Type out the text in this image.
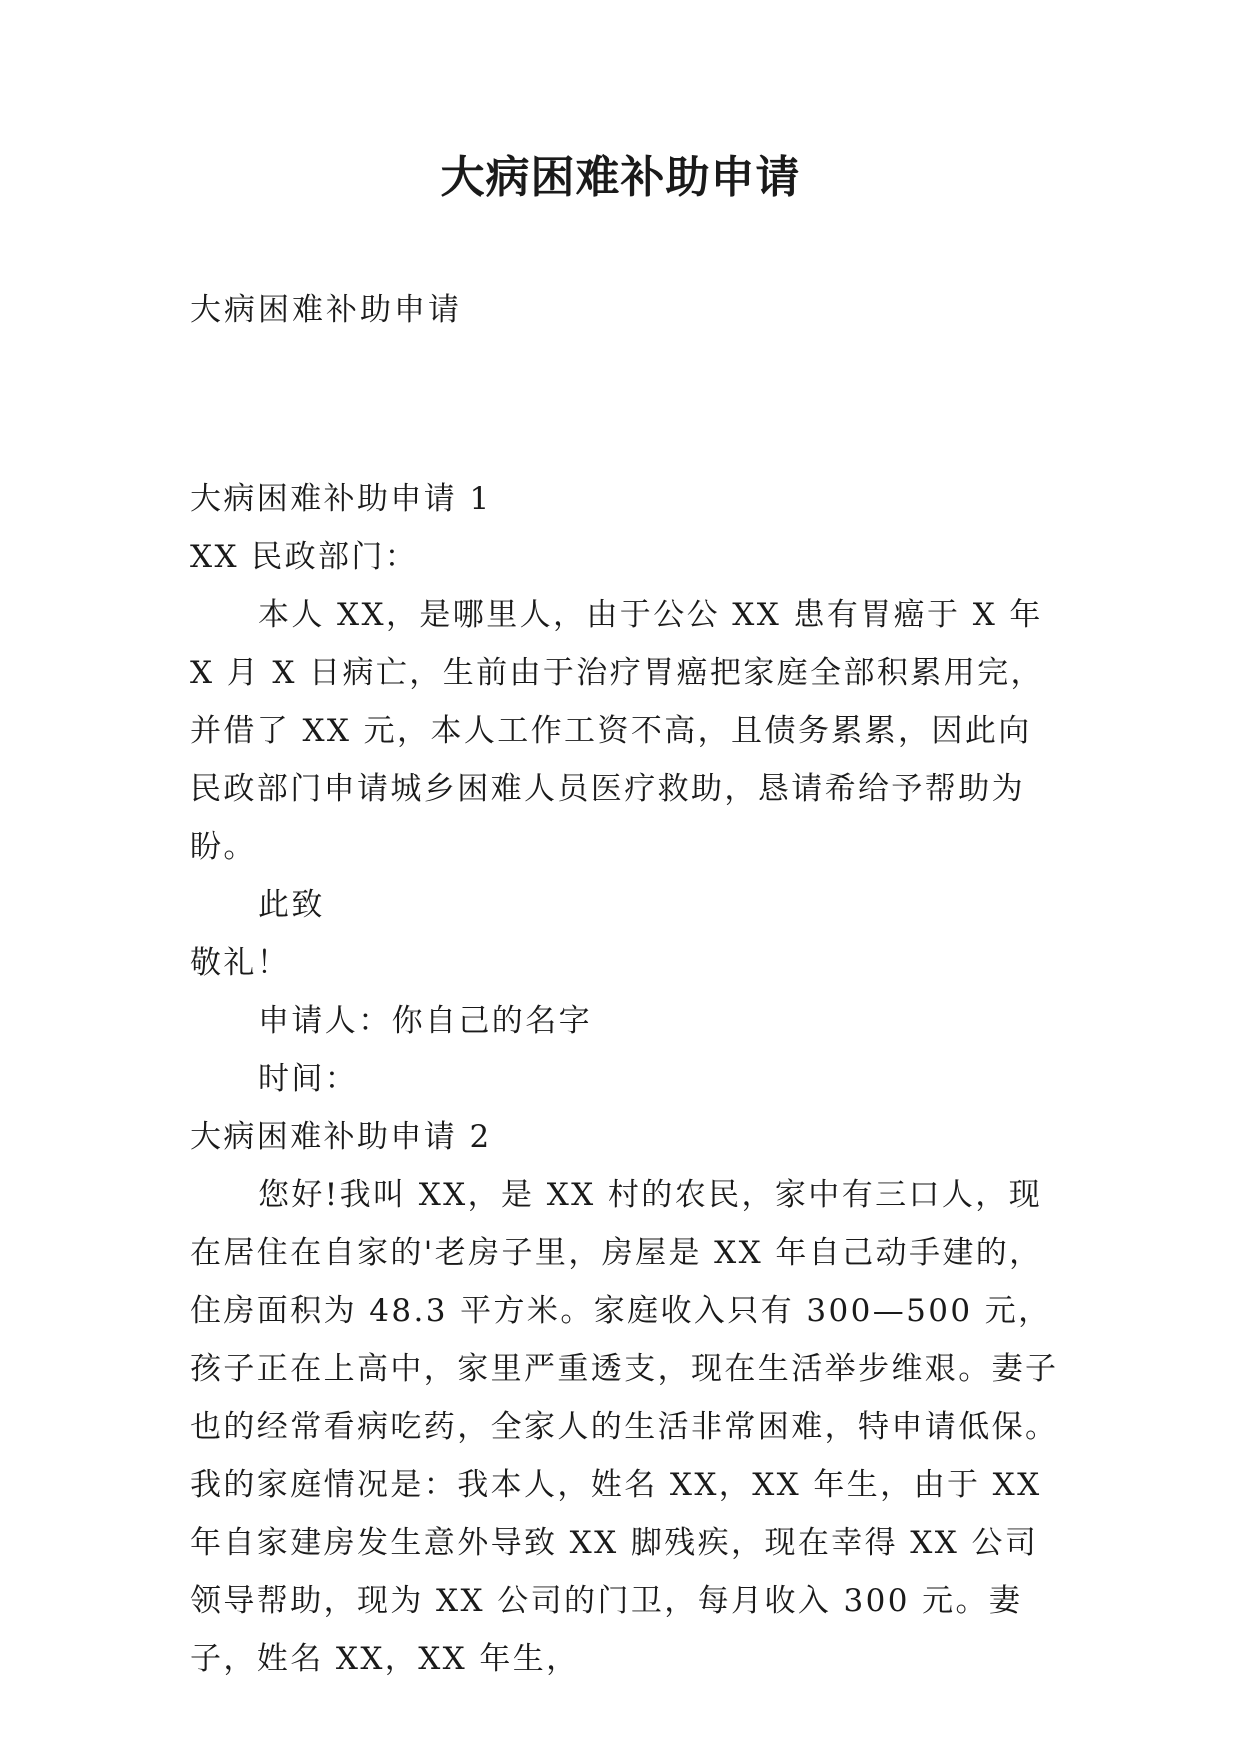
大病困难补助申请
大病困难补助申请

大病困难补助申请 1

XX 民政部门：

本人 XX，是哪里人，由于公公 XX 患有胃癌于 X 年 X 月 X 日病亡，生前由于治疗胃癌把家庭全部积累用完，并借了 XX 元，本人工作工资不高，且债务累累，因此向民政部门申请城乡困难人员医疗救助，恳请希给予帮助为盼。

此致

敬礼！

申请人：你自己的名字

时间：

大病困难补助申请 2

您好!我叫 XX，是 XX 村的农民，家中有三口人，现在居住在自家的'老房子里，房屋是 XX 年自己动手建的，住房面积为 48.3 平方米。家庭收入只有 300—500 元，孩子正在上高中，家里严重透支，现在生活举步维艰。妻子也的经常看病吃药，全家人的生活非常困难，特申请低保。我的家庭情况是：我本人，姓名 XX，XX 年生，由于 XX 年自家建房发生意外导致 XX 脚残疾，现在幸得 XX 公司领导帮助，现为 XX 公司的门卫，每月收入 300 元。妻子，姓名 XX，XX 年生，
